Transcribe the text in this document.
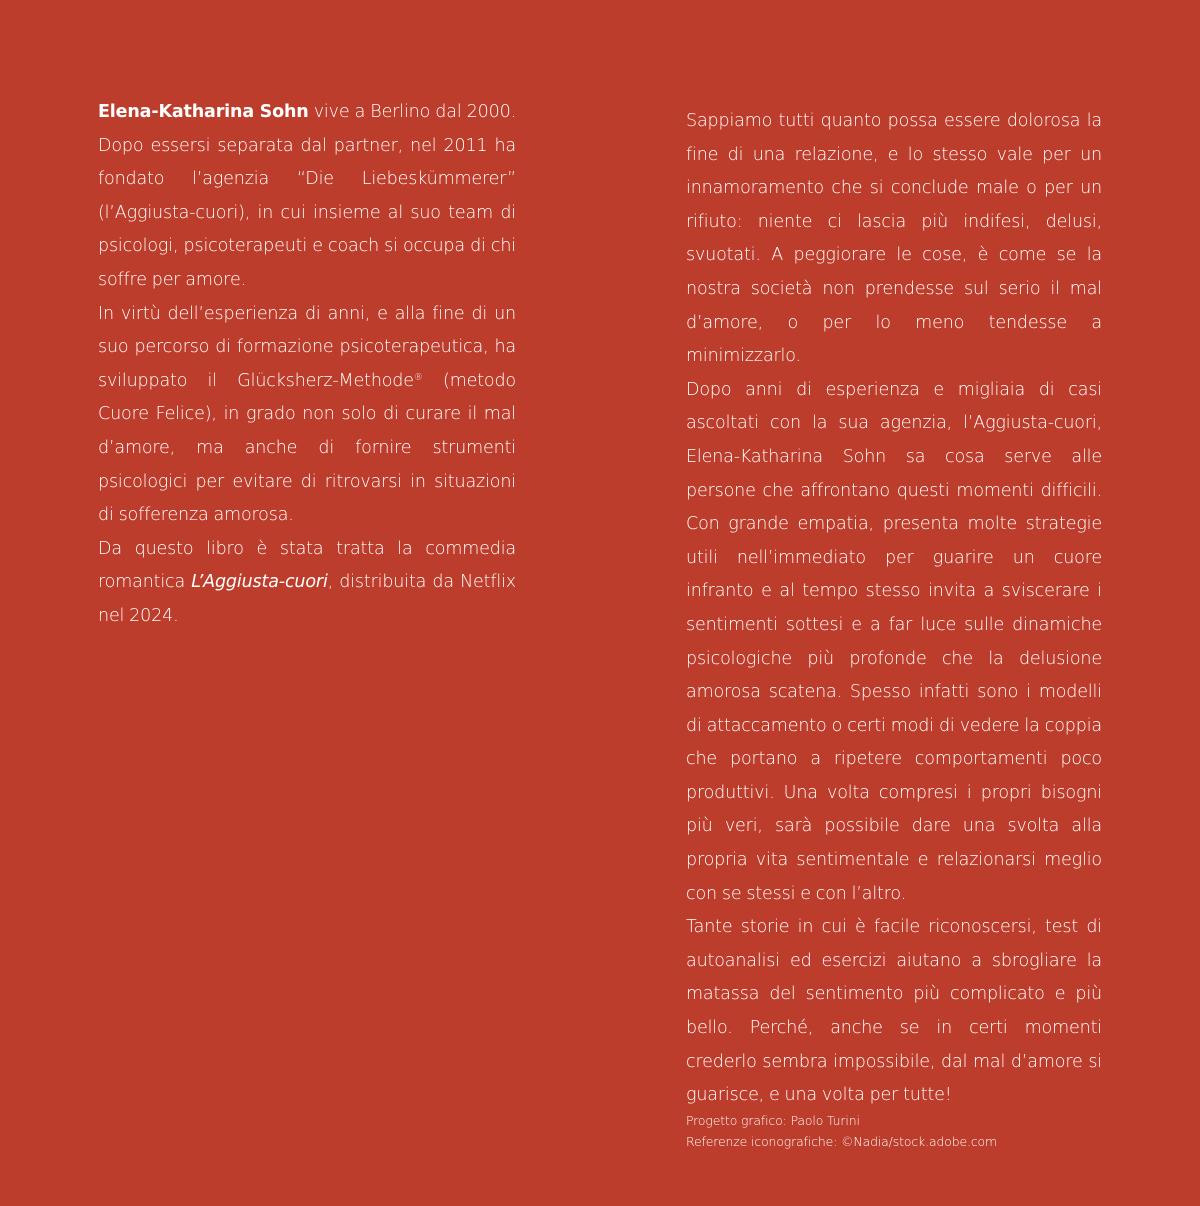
Elena-Katharina Sohn vive a Berlino dal 2000. Dopo essersi separata dal partner, nel 2011 ha fondato l’agenzia “Die Liebeskümmerer” (l’Aggiusta-cuori), in cui insieme al suo team di psicologi, psicoterapeuti e coach si occupa di chi soffre per amore.

In virtù dell’esperienza di anni, e alla fine di un suo percorso di formazione psicoterapeutica, ha sviluppato il Glücksherz-Methode® (metodo Cuore Felice), in grado non solo di curare il mal d’amore, ma anche di fornire strumenti psicologici per evitare di ritrovarsi in situazioni di sofferenza amorosa.

Da questo libro è stata tratta la commedia romantica L’Aggiusta-cuori, distribuita da Netflix nel 2024.

Sappiamo tutti quanto possa essere dolorosa la fine di una relazione, e lo stesso vale per un innamoramento che si conclude male o per un rifiuto: niente ci lascia più indifesi, delusi, svuotati. A peggiorare le cose, è come se la nostra società non prendesse sul serio il mal d’amore, o per lo meno tendesse a minimizzarlo.

Dopo anni di esperienza e migliaia di casi ascoltati con la sua agenzia, l’Aggiusta-cuori, Elena-Katharina Sohn sa cosa serve alle persone che affrontano questi momenti difficili. Con grande empatia, presenta molte strategie utili nell’immediato per guarire un cuore infranto e al tempo stesso invita a sviscerare i sentimenti sottesi e a far luce sulle dinamiche psicologiche più profonde che la delusione amorosa scatena. Spesso infatti sono i modelli di attaccamento o certi modi di vedere la coppia che portano a ripetere comportamenti poco produttivi. Una volta compresi i propri bisogni più veri, sarà possibile dare una svolta alla propria vita sentimentale e relazionarsi meglio con se stessi e con l’altro.

Tante storie in cui è facile riconoscersi, test di autoanalisi ed esercizi aiutano a sbrogliare la matassa del sentimento più complicato e più bello. Perché, anche se in certi momenti crederlo sembra impossibile, dal mal d’amore si guarisce, e una volta per tutte!

Progetto grafico: Paolo Turini
Referenze iconografiche: ©Nadia/stock.adobe.com
